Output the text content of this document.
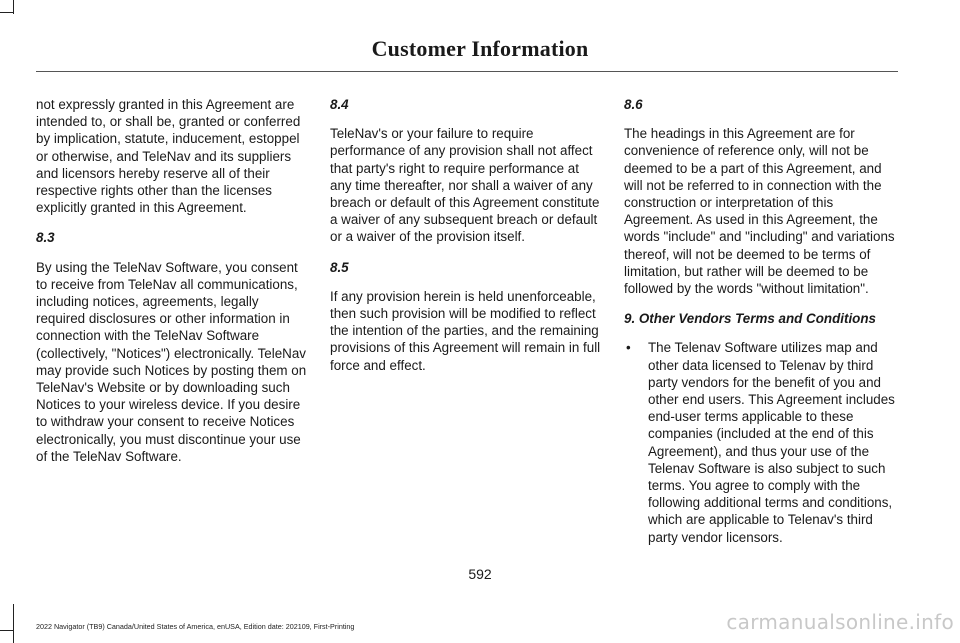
Customer Information

not expressly granted in this Agreement are intended to, or shall be, granted or conferred by implication, statute, inducement, estoppel or otherwise, and TeleNav and its suppliers and licensors hereby reserve all of their respective rights other than the licenses explicitly granted in this Agreement.

8.3

By using the TeleNav Software, you consent to receive from TeleNav all communications, including notices, agreements, legally required disclosures or other information in connection with the TeleNav Software (collectively, "Notices") electronically. TeleNav may provide such Notices by posting them on TeleNav's Website or by downloading such Notices to your wireless device. If you desire to withdraw your consent to receive Notices electronically, you must discontinue your use of the TeleNav Software.

8.4

TeleNav's or your failure to require performance of any provision shall not affect that party's right to require performance at any time thereafter, nor shall a waiver of any breach or default of this Agreement constitute a waiver of any subsequent breach or default or a waiver of the provision itself.

8.5

If any provision herein is held unenforceable, then such provision will be modified to reflect the intention of the parties, and the remaining provisions of this Agreement will remain in full force and effect.

8.6

The headings in this Agreement are for convenience of reference only, will not be deemed to be a part of this Agreement, and will not be referred to in connection with the construction or interpretation of this Agreement. As used in this Agreement, the words "include" and "including" and variations thereof, will not be deemed to be terms of limitation, but rather will be deemed to be followed by the words "without limitation".

9. Other Vendors Terms and Conditions

•	The Telenav Software utilizes map and other data licensed to Telenav by third party vendors for the benefit of you and other end users. This Agreement includes end-user terms applicable to these companies (included at the end of this Agreement), and thus your use of the Telenav Software is also subject to such terms. You agree to comply with the following additional terms and conditions, which are applicable to Telenav's third party vendor licensors.
592
2022 Navigator (TB9) Canada/United States of America, enUSA, Edition date: 202109, First-Printing	carmanualsonline.info
